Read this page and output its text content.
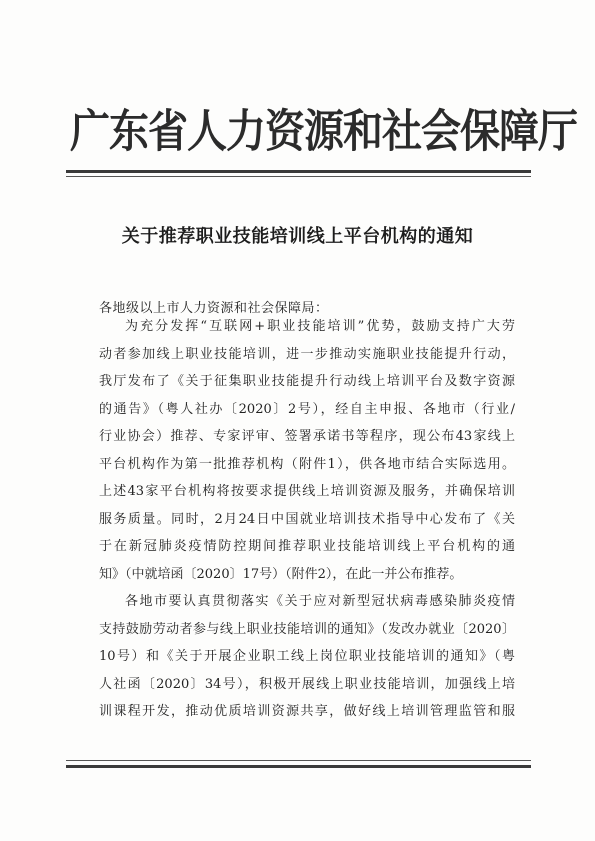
广东省人力资源和社会保障厅
关于推荐职业技能培训线上平台机构的通知
各地级以上市人力资源和社会保障局：
为充分发挥“互联网+职业技能培训”优势，鼓励支持广大劳
动者参加线上职业技能培训，进一步推动实施职业技能提升行动，
我厅发布了《关于征集职业技能提升行动线上培训平台及数字资源
的通告》（粤人社办〔2020〕2号），经自主申报、各地市（行业/
行业协会）推荐、专家评审、签署承诺书等程序，现公布43家线上
平台机构作为第一批推荐机构（附件1），供各地市结合实际选用。
上述43家平台机构将按要求提供线上培训资源及服务，并确保培训
服务质量。同时，2月24日中国就业培训技术指导中心发布了《关
于在新冠肺炎疫情防控期间推荐职业技能培训线上平台机构的通
知》（中就培函〔2020〕17号）（附件2），在此一并公布推荐。
各地市要认真贯彻落实《关于应对新型冠状病毒感染肺炎疫情
支持鼓励劳动者参与线上职业技能培训的通知》（发改办就业〔2020〕
10号）和《关于开展企业职工线上岗位职业技能培训的通知》（粤
人社函〔2020〕34号），积极开展线上职业技能培训，加强线上培
训课程开发，推动优质培训资源共享，做好线上培训管理监管和服
